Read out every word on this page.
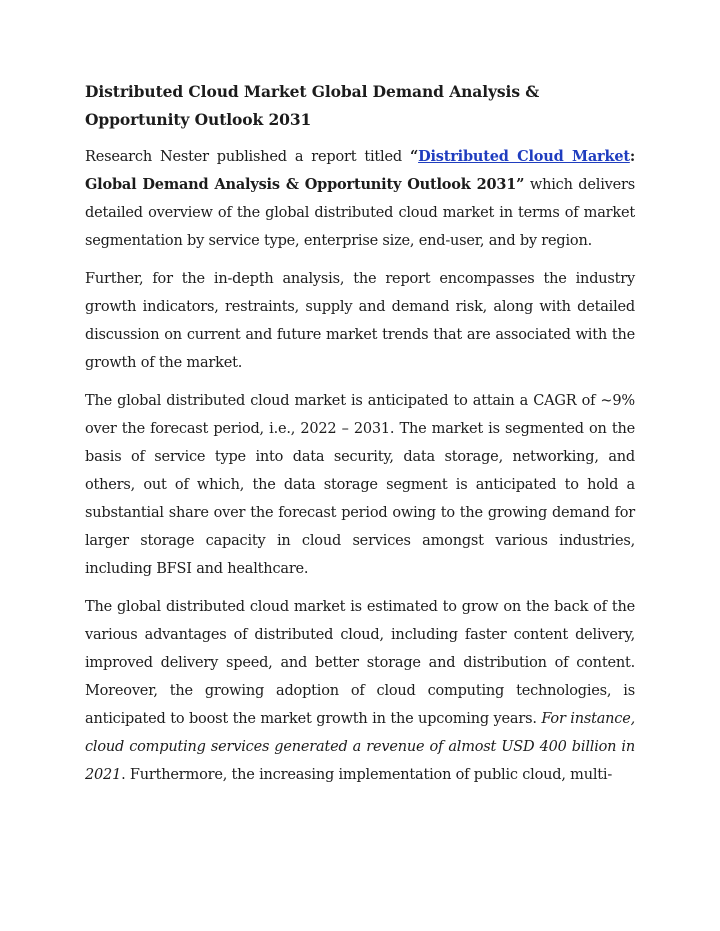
Distributed Cloud Market Global Demand Analysis & Opportunity Outlook 2031

Research Nester published a report titled “Distributed Cloud Market: Global Demand Analysis & Opportunity Outlook 2031” which delivers detailed overview of the global distributed cloud market in terms of market segmentation by service type, enterprise size, end-user, and by region.

Further, for the in-depth analysis, the report encompasses the industry growth indicators, restraints, supply and demand risk, along with detailed discussion on current and future market trends that are associated with the growth of the market.

The global distributed cloud market is anticipated to attain a CAGR of ~9% over the forecast period, i.e., 2022 – 2031. The market is segmented on the basis of service type into data security, data storage, networking, and others, out of which, the data storage segment is anticipated to hold a substantial share over the forecast period owing to the growing demand for larger storage capacity in cloud services amongst various industries, including BFSI and healthcare.

The global distributed cloud market is estimated to grow on the back of the various advantages of distributed cloud, including faster content delivery, improved delivery speed, and better storage and distribution of content. Moreover, the growing adoption of cloud computing technologies, is anticipated to boost the market growth in the upcoming years. For instance, cloud computing services generated a revenue of almost USD 400 billion in 2021. Furthermore, the increasing implementation of public cloud, multi-
